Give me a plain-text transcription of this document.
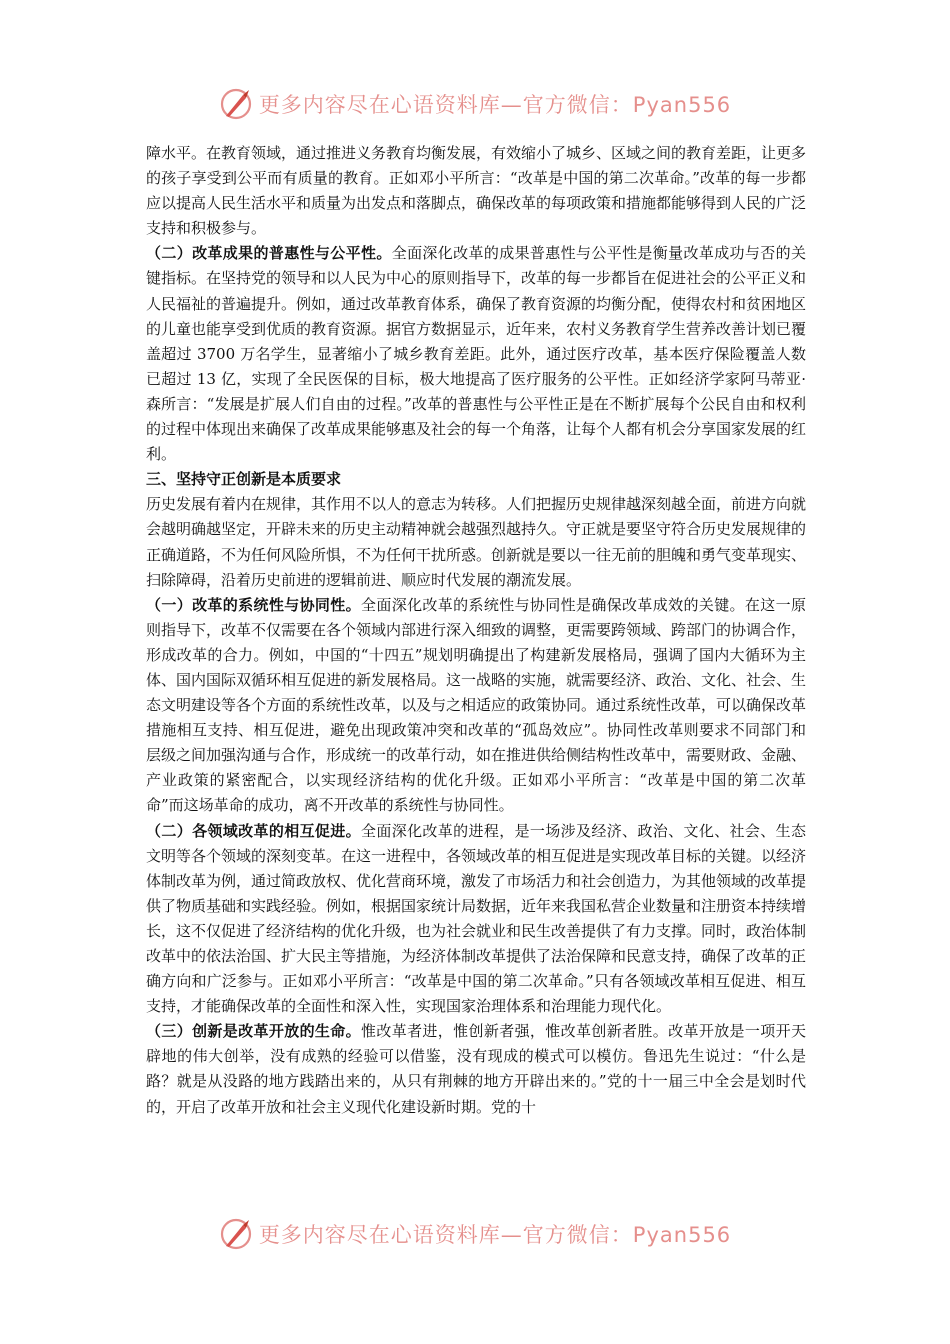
更多内容尽在心语资料库—官方微信：Pyan556

障水平。在教育领域，通过推进义务教育均衡发展，有效缩小了城乡、区域之间的教育差距，让更多的孩子享受到公平而有质量的教育。正如邓小平所言：“改革是中国的第二次革命。”改革的每一步都应以提高人民生活水平和质量为出发点和落脚点，确保改革的每项政策和措施都能够得到人民的广泛支持和积极参与。

（二）改革成果的普惠性与公平性。全面深化改革的成果普惠性与公平性是衡量改革成功与否的关键指标。在坚持党的领导和以人民为中心的原则指导下，改革的每一步都旨在促进社会的公平正义和人民福祉的普遍提升。例如，通过改革教育体系，确保了教育资源的均衡分配，使得农村和贫困地区的儿童也能享受到优质的教育资源。据官方数据显示，近年来，农村义务教育学生营养改善计划已覆盖超过 3700 万名学生，显著缩小了城乡教育差距。此外，通过医疗改革，基本医疗保险覆盖人数已超过 13 亿，实现了全民医保的目标，极大地提高了医疗服务的公平性。正如经济学家阿马蒂亚·森所言：“发展是扩展人们自由的过程。”改革的普惠性与公平性正是在不断扩展每个公民自由和权利的过程中体现出来确保了改革成果能够惠及社会的每一个角落，让每个人都有机会分享国家发展的红利。

三、坚持守正创新是本质要求

历史发展有着内在规律，其作用不以人的意志为转移。人们把握历史规律越深刻越全面，前进方向就会越明确越坚定，开辟未来的历史主动精神就会越强烈越持久。守正就是要坚守符合历史发展规律的正确道路，不为任何风险所惧，不为任何干扰所惑。创新就是要以一往无前的胆魄和勇气变革现实、扫除障碍，沿着历史前进的逻辑前进、顺应时代发展的潮流发展。

（一）改革的系统性与协同性。全面深化改革的系统性与协同性是确保改革成效的关键。在这一原则指导下，改革不仅需要在各个领域内部进行深入细致的调整，更需要跨领域、跨部门的协调合作，形成改革的合力。例如，中国的“十四五”规划明确提出了构建新发展格局，强调了国内大循环为主体、国内国际双循环相互促进的新发展格局。这一战略的实施，就需要经济、政治、文化、社会、生态文明建设等各个方面的系统性改革，以及与之相适应的政策协同。通过系统性改革，可以确保改革措施相互支持、相互促进，避免出现政策冲突和改革的“孤岛效应”。协同性改革则要求不同部门和层级之间加强沟通与合作，形成统一的改革行动，如在推进供给侧结构性改革中，需要财政、金融、产业政策的紧密配合，以实现经济结构的优化升级。正如邓小平所言：“改革是中国的第二次革命”而这场革命的成功，离不开改革的系统性与协同性。

（二）各领域改革的相互促进。全面深化改革的进程，是一场涉及经济、政治、文化、社会、生态文明等各个领域的深刻变革。在这一进程中，各领域改革的相互促进是实现改革目标的关键。以经济体制改革为例，通过简政放权、优化营商环境，激发了市场活力和社会创造力，为其他领域的改革提供了物质基础和实践经验。例如，根据国家统计局数据，近年来我国私营企业数量和注册资本持续增长，这不仅促进了经济结构的优化升级，也为社会就业和民生改善提供了有力支撑。同时，政治体制改革中的依法治国、扩大民主等措施，为经济体制改革提供了法治保障和民意支持，确保了改革的正确方向和广泛参与。正如邓小平所言：“改革是中国的第二次革命。”只有各领域改革相互促进、相互支持，才能确保改革的全面性和深入性，实现国家治理体系和治理能力现代化。

（三）创新是改革开放的生命。惟改革者进，惟创新者强，惟改革创新者胜。改革开放是一项开天辟地的伟大创举，没有成熟的经验可以借鉴，没有现成的模式可以模仿。鲁迅先生说过：“什么是路？就是从没路的地方践踏出来的，从只有荆棘的地方开辟出来的。”党的十一届三中全会是划时代的，开启了改革开放和社会主义现代化建设新时期。党的十

更多内容尽在心语资料库—官方微信：Pyan556
